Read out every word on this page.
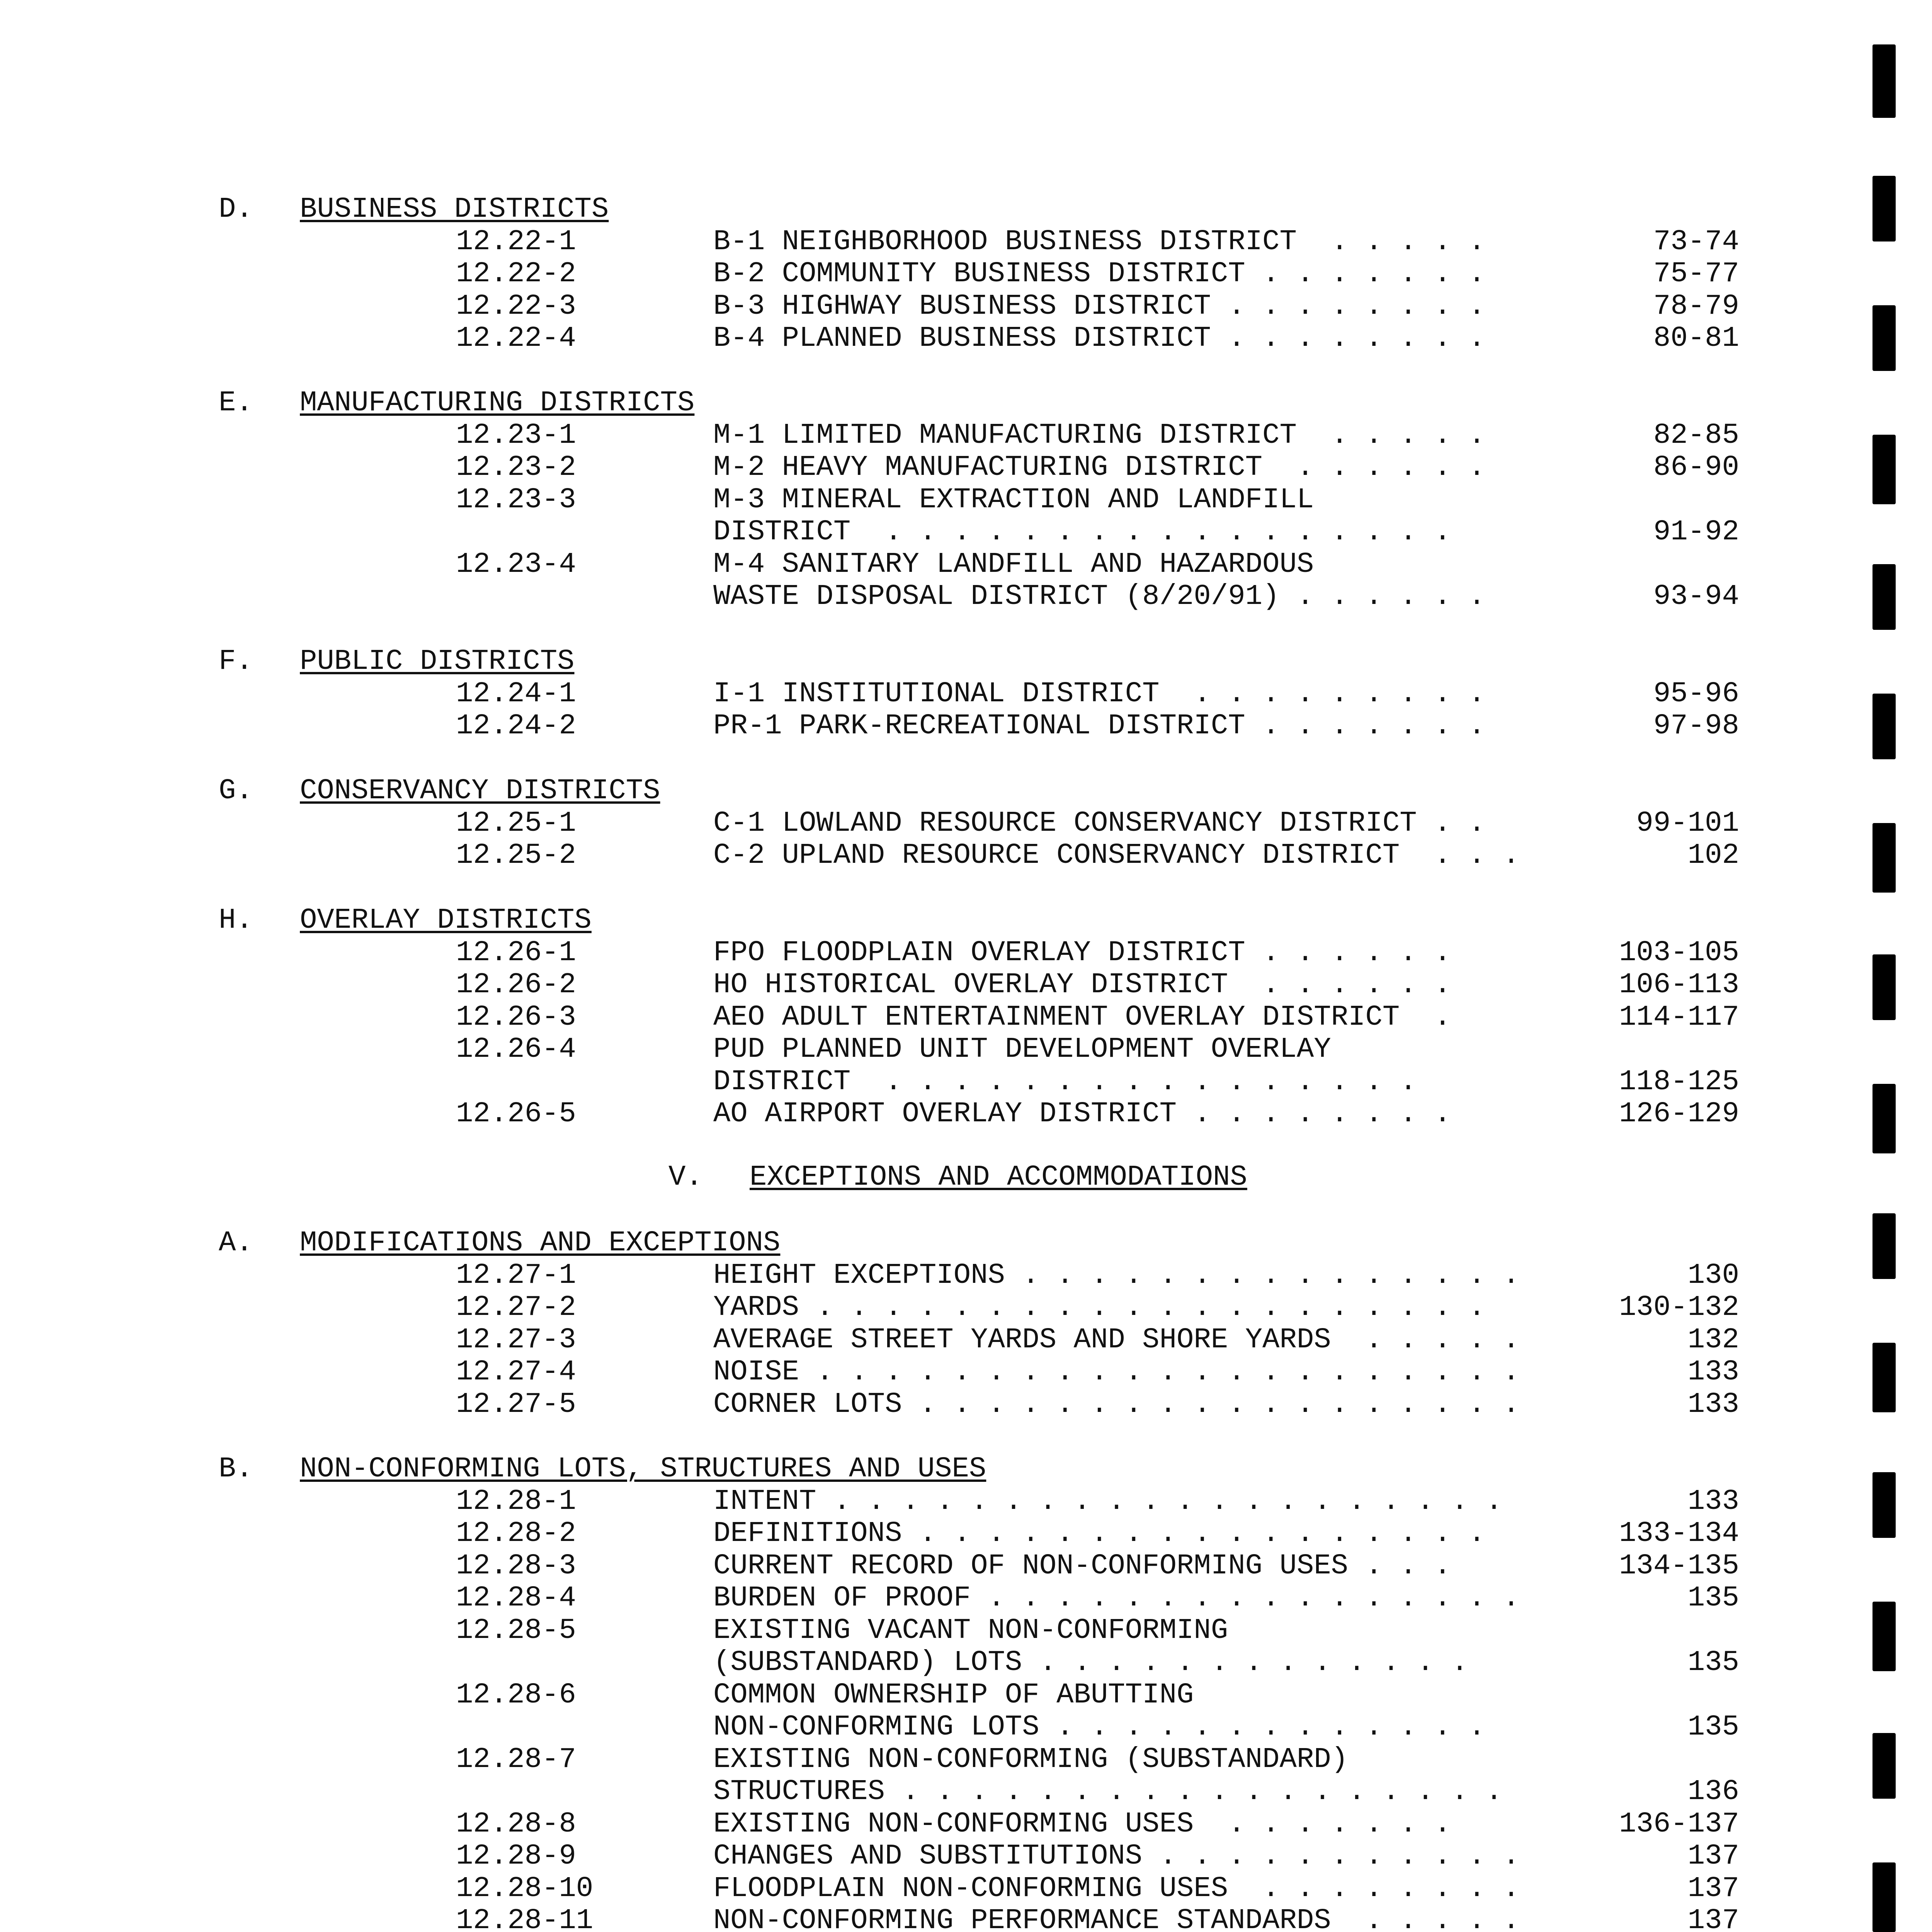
D. BUSINESS DISTRICTS
12.22-1	B-1 NEIGHBORHOOD BUSINESS DISTRICT  . . . . .	73-74
12.22-2	B-2 COMMUNITY BUSINESS DISTRICT . . . . . . .	75-77
12.22-3	B-3 HIGHWAY BUSINESS DISTRICT . . . . . . . .	78-79
12.22-4	B-4 PLANNED BUSINESS DISTRICT . . . . . . . .	80-81
E. MANUFACTURING DISTRICTS
12.23-1	M-1 LIMITED MANUFACTURING DISTRICT  . . . . .	82-85
12.23-2	M-2 HEAVY MANUFACTURING DISTRICT  . . . . . .	86-90
12.23-3	M-3 MINERAL EXTRACTION AND LANDFILL
DISTRICT  . . . . . . . . . . . . . . . . .	91-92
12.23-4	M-4 SANITARY LANDFILL AND HAZARDOUS
WASTE DISPOSAL DISTRICT (8/20/91) . . . . . .	93-94
F. PUBLIC DISTRICTS
12.24-1	I-1 INSTITUTIONAL DISTRICT  . . . . . . . . .	95-96
12.24-2	PR-1 PARK-RECREATIONAL DISTRICT . . . . . . .	97-98
G. CONSERVANCY DISTRICTS
12.25-1	C-1 LOWLAND RESOURCE CONSERVANCY DISTRICT . .	99-101
12.25-2	C-2 UPLAND RESOURCE CONSERVANCY DISTRICT  . . .	102
H. OVERLAY DISTRICTS
12.26-1	FPO FLOODPLAIN OVERLAY DISTRICT . . . . . .	103-105
12.26-2	HO HISTORICAL OVERLAY DISTRICT  . . . . . .	106-113
12.26-3	AEO ADULT ENTERTAINMENT OVERLAY DISTRICT  .	114-117
12.26-4	PUD PLANNED UNIT DEVELOPMENT OVERLAY
DISTRICT  . . . . . . . . . . . . . . . .	118-125
12.26-5	AO AIRPORT OVERLAY DISTRICT . . . . . . . .	126-129
A. MODIFICATIONS AND EXCEPTIONS
12.27-1	HEIGHT EXCEPTIONS . . . . . . . . . . . . . . .	130
12.27-2	YARDS . . . . . . . . . . . . . . . . . . . .	130-132
12.27-3	AVERAGE STREET YARDS AND SHORE YARDS  . . . . .	132
12.27-4	NOISE . . . . . . . . . . . . . . . . . . . . .	133
12.27-5	CORNER LOTS . . . . . . . . . . . . . . . . . .	133
B. NON-CONFORMING LOTS, STRUCTURES AND USES
12.28-1	INTENT . . . . . . . . . . . . . . . . . . . .	133
12.28-2	DEFINITIONS . . . . . . . . . . . . . . . . .	133-134
12.28-3	CURRENT RECORD OF NON-CONFORMING USES . . .	134-135
12.28-4	BURDEN OF PROOF . . . . . . . . . . . . . . . .	135
12.28-5	EXISTING VACANT NON-CONFORMING
(SUBSTANDARD) LOTS . . . . . . . . . . . . .	135
12.28-6	COMMON OWNERSHIP OF ABUTTING
NON-CONFORMING LOTS . . . . . . . . . . . . .	135
12.28-7	EXISTING NON-CONFORMING (SUBSTANDARD)
STRUCTURES . . . . . . . . . . . . . . . . . .	136
12.28-8	EXISTING NON-CONFORMING USES  . . . . . . .	136-137
12.28-9	CHANGES AND SUBSTITUTIONS . . . . . . . . . . .	137
12.28-10	FLOODPLAIN NON-CONFORMING USES  . . . . . . . .	137
12.28-11	NON-CONFORMING PERFORMANCE STANDARDS  . . . . .	137
V. EXCEPTIONS AND ACCOMMODATIONS
